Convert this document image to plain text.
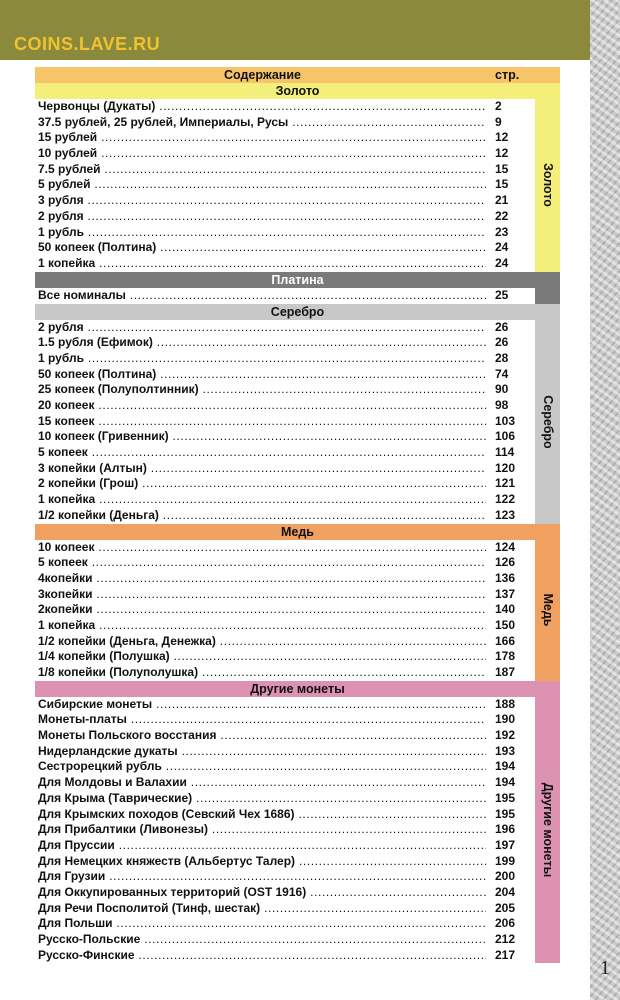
COINS.LAVE.RU
Содержание	стр.
Золото
Золото
Червонцы (Дукаты) .....	2
37.5 рублей, 25 рублей, Империалы, Русы .....	9
15 рублей .....	12
10 рублей .....	12
7.5 рублей .....	15
5 рублей .....	15
3 рубля .....	21
2 рубля .....	22
1 рубль .....	23
50 копеек (Полтина) .....	24
1 копейка .....	24
Платина
Все номиналы .....	25
Серебро
Серебро
2 рубля .....	26
1.5 рубля (Ефимок) .....	26
1 рубль .....	28
50 копеек (Полтина) .....	74
25 копеек (Полуполтинник) .....	90
20 копеек .....	98
15 копеек .....	103
10 копеек (Гривенник) .....	106
5 копеек .....	114
3 копейки (Алтын) .....	120
2 копейки (Грош) .....	121
1 копейка .....	122
1/2 копейки (Деньга) .....	123
Медь
Медь
10 копеек .....	124
5 копеек .....	126
4копейки .....	136
3копейки .....	137
2копейки .....	140
1 копейка .....	150
1/2 копейки (Деньга, Денежка) .....	166
1/4 копейки (Полушка) .....	178
1/8 копейки (Полуполушка) .....	187
Другие монеты
Другие монеты
Сибирские монеты .....	188
Монеты-платы .....	190
Монеты Польского восстания .....	192
Нидерландские дукаты .....	193
Сестрорецкий рубль .....	194
Для Молдовы и Валахии .....	194
Для Крыма (Таврические) .....	195
Для Крымских походов (Севский Чех 1686) .....	195
Для Прибалтики (Ливонезы) .....	196
Для Пруссии .....	197
Для Немецких княжеств (Альбертус Талер) .....	199
Для Грузии .....	200
Для Оккупированных территорий (OST 1916) .....	204
Для Речи Посполитой (Тинф, шестак) .....	205
Для Польши .....	206
Русско-Польские .....	212
Русско-Финские .....	217
1
